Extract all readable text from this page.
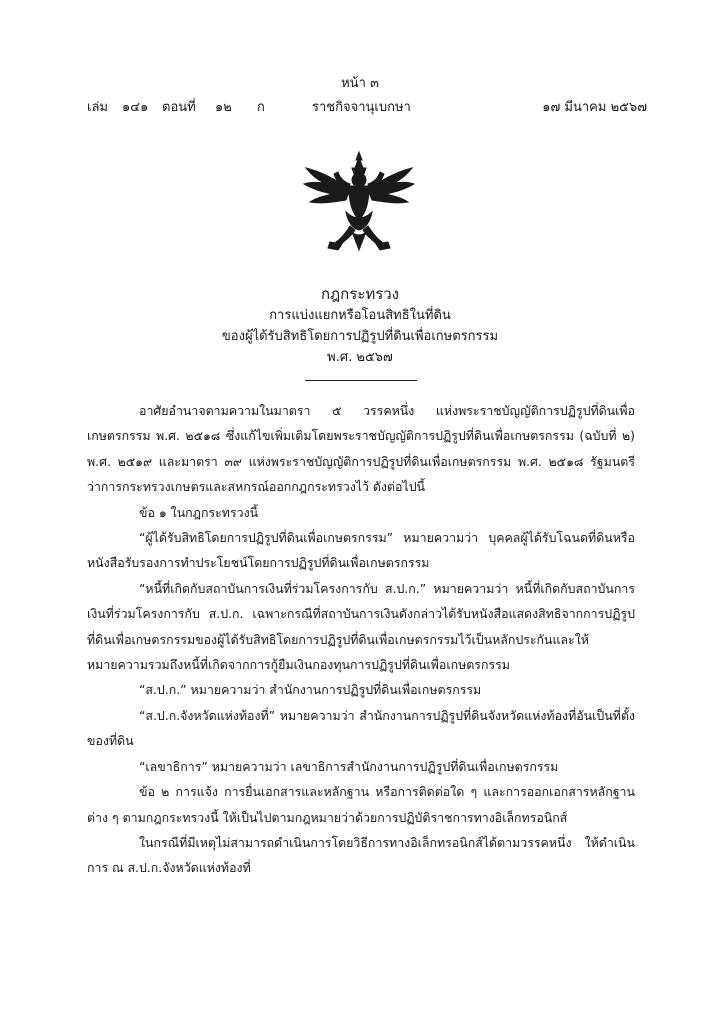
หน้า ๓
เล่ม ๑๔๑ ตอนที่ ๑๒ ก	ราชกิจจานุเบกษา	๑๗ มีนาคม ๒๕๖๗

กฎกระทรวง

การแบ่งแยกหรือโอนสิทธิในที่ดิน

ของผู้ได้รับสิทธิโดยการปฏิรูปที่ดินเพื่อเกษตรกรรม

พ.ศ. ๒๕๖๗

อาศัยอำนาจตามความในมาตรา ๕ วรรคหนึ่ง แห่งพระราชบัญญัติการปฏิรูปที่ดินเพื่อเกษตรกรรม พ.ศ. ๒๕๑๘ ซึ่งแก้ไขเพิ่มเติมโดยพระราชบัญญัติการปฏิรูปที่ดินเพื่อเกษตรกรรม (ฉบับที่ ๒) พ.ศ. ๒๕๑๙ และมาตรา ๓๙ แห่งพระราชบัญญัติการปฏิรูปที่ดินเพื่อเกษตรกรรม พ.ศ. ๒๕๑๘ รัฐมนตรีว่าการกระทรวงเกษตรและสหกรณ์ออกกฎกระทรวงไว้ ดังต่อไปนี้

ข้อ ๑ ในกฎกระทรวงนี้

“ผู้ได้รับสิทธิโดยการปฏิรูปที่ดินเพื่อเกษตรกรรม” หมายความว่า บุคคลผู้ได้รับโฉนดที่ดินหรือหนังสือรับรองการทำประโยชน์โดยการปฏิรูปที่ดินเพื่อเกษตรกรรม

“หนี้ที่เกิดกับสถาบันการเงินที่ร่วมโครงการกับ ส.ป.ก.” หมายความว่า หนี้ที่เกิดกับสถาบันการเงินที่ร่วมโครงการกับ ส.ป.ก. เฉพาะกรณีที่สถาบันการเงินดังกล่าวได้รับหนังสือแสดงสิทธิจากการปฏิรูปที่ดินเพื่อเกษตรกรรมของผู้ได้รับสิทธิโดยการปฏิรูปที่ดินเพื่อเกษตรกรรมไว้เป็นหลักประกันและให้หมายความรวมถึงหนี้ที่เกิดจากการกู้ยืมเงินกองทุนการปฏิรูปที่ดินเพื่อเกษตรกรรม

“ส.ป.ก.” หมายความว่า สำนักงานการปฏิรูปที่ดินเพื่อเกษตรกรรม

“ส.ป.ก.จังหวัดแห่งท้องที่” หมายความว่า สำนักงานการปฏิรูปที่ดินจังหวัดแห่งท้องที่อันเป็นที่ตั้งของที่ดิน

“เลขาธิการ” หมายความว่า เลขาธิการสำนักงานการปฏิรูปที่ดินเพื่อเกษตรกรรม

ข้อ ๒ การแจ้ง การยื่นเอกสารและหลักฐาน หรือการติดต่อใด ๆ และการออกเอกสารหลักฐานต่าง ๆ ตามกฎกระทรวงนี้ ให้เป็นไปตามกฎหมายว่าด้วยการปฏิบัติราชการทางอิเล็กทรอนิกส์

ในกรณีที่มีเหตุไม่สามารถดำเนินการโดยวิธีการทางอิเล็กทรอนิกส์ได้ตามวรรคหนึ่ง ให้ดำเนินการ ณ ส.ป.ก.จังหวัดแห่งท้องที่
